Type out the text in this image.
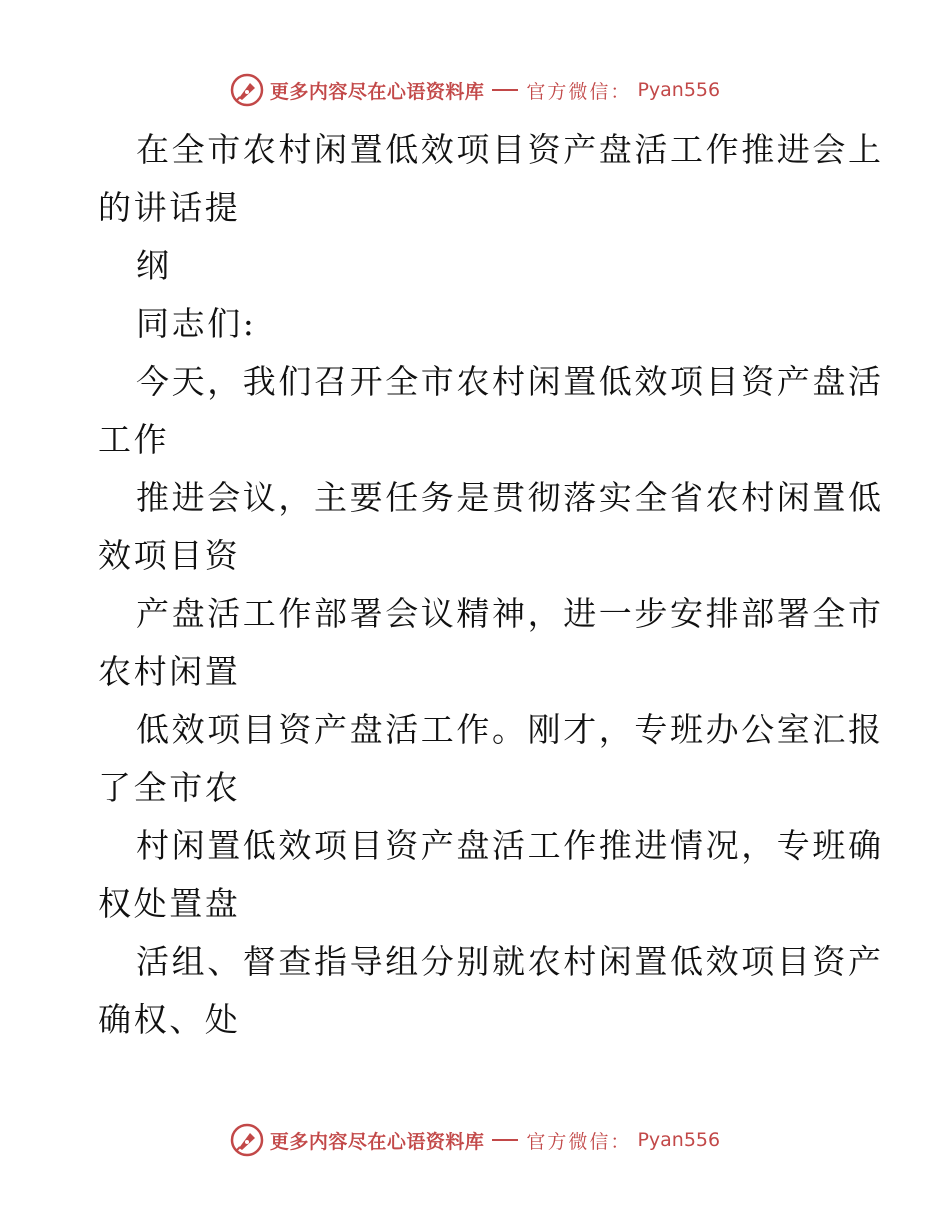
更多内容尽在心语资料库 官方微信： Pyan556
在全市农村闲置低效项目资产盘活工作推进会上
的讲话提
纲
同志们:
今天，我们召开全市农村闲置低效项目资产盘活
工作
推进会议，主要任务是贯彻落实全省农村闲置低
效项目资
产盘活工作部署会议精神，进一步安排部署全市
农村闲置
低效项目资产盘活工作。刚才，专班办公室汇报
了全市农
村闲置低效项目资产盘活工作推进情况，专班确
权处置盘
活组、督查指导组分别就农村闲置低效项目资产
确权、处
更多内容尽在心语资料库 官方微信： Pyan556
